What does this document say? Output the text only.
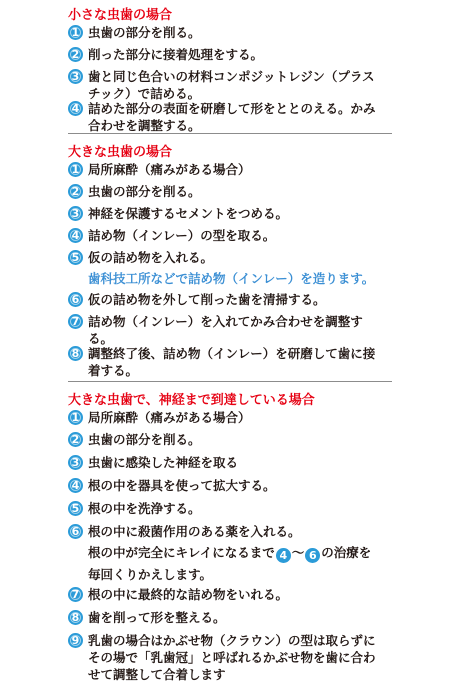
小さな虫歯の場合
1 虫歯の部分を削る。
2 削った部分に接着処理をする。
3 歯と同じ色合いの材料コンポジットレジン（プラス
チック）で詰める。
4 詰めた部分の表面を研磨して形をととのえる。かみ
合わせを調整する。
大きな虫歯の場合
1 局所麻酔（痛みがある場合）
2 虫歯の部分を削る。
3 神経を保護するセメントをつめる。
4 詰め物（インレー）の型を取る。
5 仮の詰め物を入れる。
歯科技工所などで詰め物（インレー）を造ります。
6 仮の詰め物を外して削った歯を清掃する。
7 詰め物（インレー）を入れてかみ合わせを調整す
る。
8 調整終了後、詰め物（インレー）を研磨して歯に接
着する。
大きな虫歯で、神経まで到達している場合
1 局所麻酔（痛みがある場合）
2 虫歯の部分を削る。
3 虫歯に感染した神経を取る
4 根の中を器具を使って拡大する。
5 根の中を洗浄する。
6 根の中に殺菌作用のある薬を入れる。
根の中が完全にキレイになるまで 4 〜 6 の治療を
毎回くりかえします。
7 根の中に最終的な詰め物をいれる。
8 歯を削って形を整える。
9 乳歯の場合はかぶせ物（クラウン）の型は取らずに
その場で「乳歯冠」と呼ばれるかぶせ物を歯に合わ
せて調整して合着します
